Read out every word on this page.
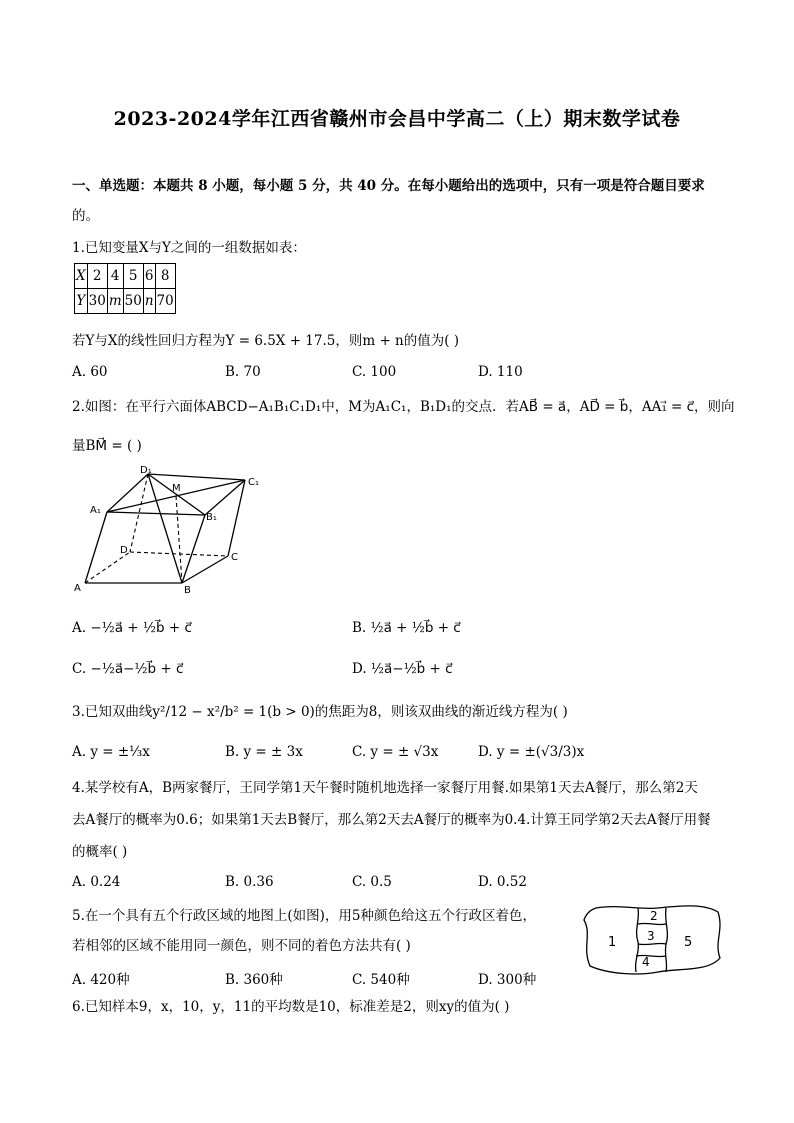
2023-2024学年江西省赣州市会昌中学高二（上）期末数学试卷
一、单选题：本题共 8 小题，每小题 5 分，共 40 分。在每小题给出的选项中，只有一项是符合题目要求
的。
1.已知变量X与Y之间的一组数据如表：
X	2	4	5	6	8
Y	30	m	50	n	70
若Y与X的线性回归方程为Y = 6.5X + 17.5，则m + n的值为( )
A. 60	B. 70	C. 100	D. 110
2.如图：在平行六面体ABCD−A₁B₁C₁D₁中，M为A₁C₁，B₁D₁的交点．若AB⃗ = a⃗，AD⃗ = b⃗，AA₁⃗ = c⃗，则向
量BM⃗ = ( )
D₁
C₁
A₁
B₁
M
D
C
A	B
A. −½a⃗ + ½b⃗ + c⃗	B. ½a⃗ + ½b⃗ + c⃗
C. −½a⃗−½b⃗ + c⃗	D. ½a⃗−½b⃗ + c⃗
3.已知双曲线y²/12 − x²/b² = 1(b > 0)的焦距为8，则该双曲线的渐近线方程为( )
A. y = ±⅓x	B. y = ± 3x	C. y = ± √3x	D. y = ±(√3/3)x
4.某学校有A，B两家餐厅，王同学第1天午餐时随机地选择一家餐厅用餐.如果第1天去A餐厅，那么第2天
去A餐厅的概率为0.6；如果第1天去B餐厅，那么第2天去A餐厅的概率为0.4.计算王同学第2天去A餐厅用餐
的概率( )
A. 0.24	B. 0.36	C. 0.5	D. 0.52
5.在一个具有五个行政区域的地图上(如图)，用5种颜色给这五个行政区着色，
若相邻的区域不能用同一颜色，则不同的着色方法共有( )
A. 420种	B. 360种	C. 540种	D. 300种
1
2
3
4
5
6.已知样本9，x，10，y，11的平均数是10，标准差是2，则xy的值为( )
